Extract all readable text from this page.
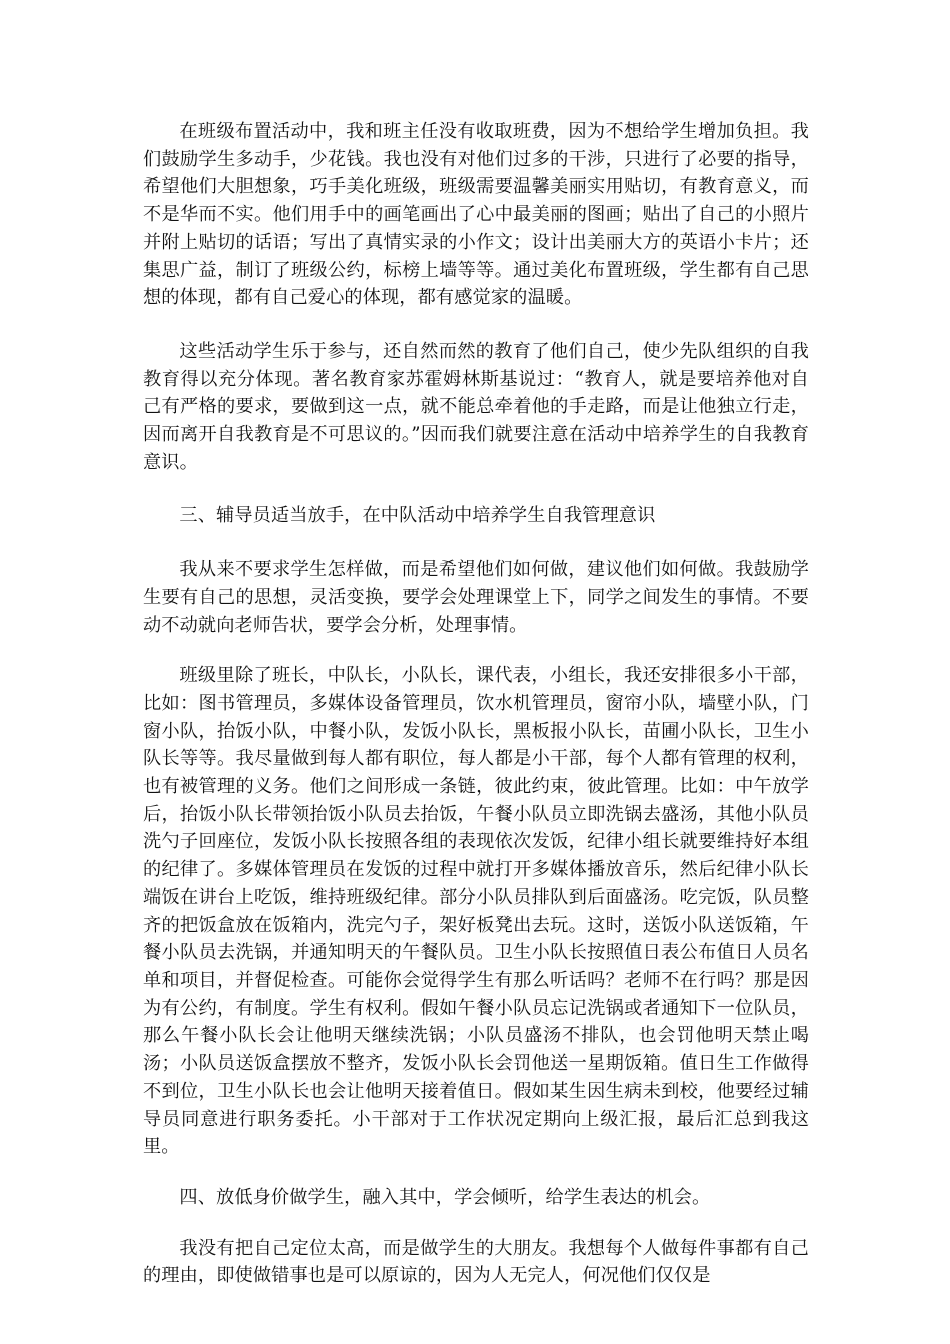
在班级布置活动中，我和班主任没有收取班费，因为不想给学生增加负担。我们鼓励学生多动手，少花钱。我也没有对他们过多的干涉，只进行了必要的指导，希望他们大胆想象，巧手美化班级，班级需要温馨美丽实用贴切，有教育意义，而不是华而不实。他们用手中的画笔画出了心中最美丽的图画；贴出了自己的小照片并附上贴切的话语；写出了真情实录的小作文；设计出美丽大方的英语小卡片；还集思广益，制订了班级公约，标榜上墙等等。通过美化布置班级，学生都有自己思想的体现，都有自己爱心的体现，都有感觉家的温暖。

这些活动学生乐于参与，还自然而然的教育了他们自己，使少先队组织的自我教育得以充分体现。著名教育家苏霍姆林斯基说过：“教育人，就是要培养他对自己有严格的要求，要做到这一点，就不能总牵着他的手走路，而是让他独立行走，因而离开自我教育是不可思议的。”因而我们就要注意在活动中培养学生的自我教育意识。

三、辅导员适当放手，在中队活动中培养学生自我管理意识

我从来不要求学生怎样做，而是希望他们如何做，建议他们如何做。我鼓励学生要有自己的思想，灵活变换，要学会处理课堂上下，同学之间发生的事情。不要动不动就向老师告状，要学会分析，处理事情。

班级里除了班长，中队长，小队长，课代表，小组长，我还安排很多小干部，比如：图书管理员，多媒体设备管理员，饮水机管理员，窗帘小队，墙壁小队，门窗小队，抬饭小队，中餐小队，发饭小队长，黑板报小队长，苗圃小队长，卫生小队长等等。我尽量做到每人都有职位，每人都是小干部，每个人都有管理的权利，也有被管理的义务。他们之间形成一条链，彼此约束，彼此管理。比如：中午放学后，抬饭小队长带领抬饭小队员去抬饭，午餐小队员立即洗锅去盛汤，其他小队员洗勺子回座位，发饭小队长按照各组的表现依次发饭，纪律小组长就要维持好本组的纪律了。多媒体管理员在发饭的过程中就打开多媒体播放音乐，然后纪律小队长端饭在讲台上吃饭，维持班级纪律。部分小队员排队到后面盛汤。吃完饭，队员整齐的把饭盒放在饭箱内，洗完勺子，架好板凳出去玩。这时，送饭小队送饭箱，午餐小队员去洗锅，并通知明天的午餐队员。卫生小队长按照值日表公布值日人员名单和项目，并督促检查。可能你会觉得学生有那么听话吗？老师不在行吗？那是因为有公约，有制度。学生有权利。假如午餐小队员忘记洗锅或者通知下一位队员，那么午餐小队长会让他明天继续洗锅；小队员盛汤不排队，也会罚他明天禁止喝汤；小队员送饭盒摆放不整齐，发饭小队长会罚他送一星期饭箱。值日生工作做得不到位，卫生小队长也会让他明天接着值日。假如某生因生病未到校，他要经过辅导员同意进行职务委托。小干部对于工作状况定期向上级汇报，最后汇总到我这里。

四、放低身价做学生，融入其中，学会倾听，给学生表达的机会。

我没有把自己定位太高，而是做学生的大朋友。我想每个人做每件事都有自己的理由，即使做错事也是可以原谅的，因为人无完人，何况他们仅仅是
